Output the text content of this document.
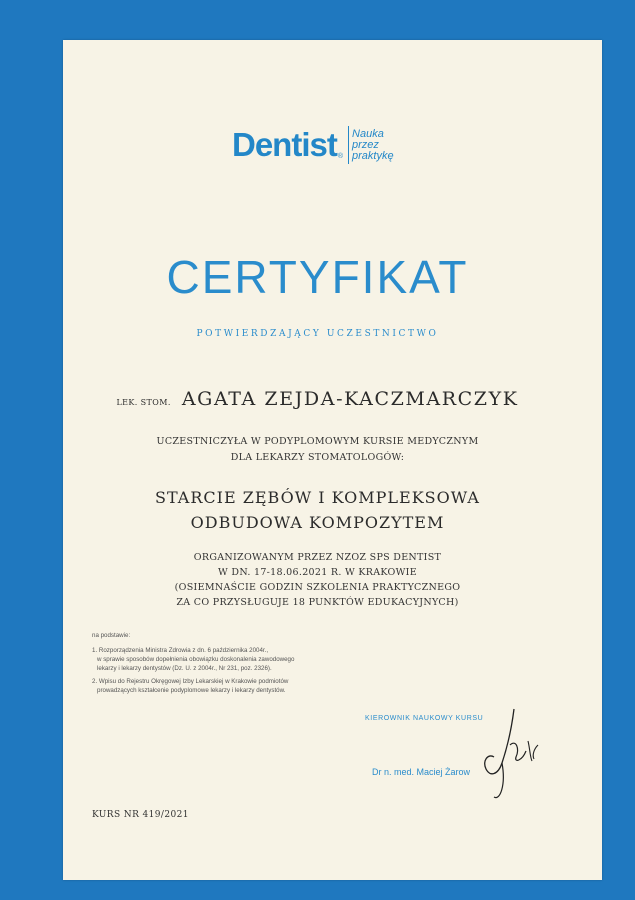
Dentist ®
Nauka
przez
praktykę
CERTYFIKAT
POTWIERDZAJĄCY UCZESTNICTWO
LEK. STOM. AGATA ZEJDA-KACZMARCZYK
UCZESTNICZYŁA W PODYPLOMOWYM KURSIE MEDYCZNYM
DLA LEKARZY STOMATOLOGÓW:
STARCIE ZĘBÓW I KOMPLEKSOWA
ODBUDOWA KOMPOZYTEM
ORGANIZOWANYM PRZEZ NZOZ SPS DENTIST
W DN. 17-18.06.2021 R. W KRAKOWIE
(OSIEMNAŚCIE GODZIN SZKOLENIA PRAKTYCZNEGO
ZA CO PRZYSŁUGUJE 18 PUNKTÓW EDUKACYJNYCH)
na podstawie:
1. Rozporządzenia Ministra Zdrowia z dn. 6 października 2004r.,
w sprawie sposobów dopełnienia obowiązku doskonalenia zawodowego
lekarzy i lekarzy dentystów (Dz. U. z 2004r., Nr 231, poz. 2326).
2. Wpisu do Rejestru Okręgowej Izby Lekarskiej w Krakowie podmiotów
prowadzących kształcenie podyplomowe lekarzy i lekarzy dentystów.
KIEROWNIK NAUKOWY KURSU
Dr n. med. Maciej Żarow
KURS NR 419/2021
